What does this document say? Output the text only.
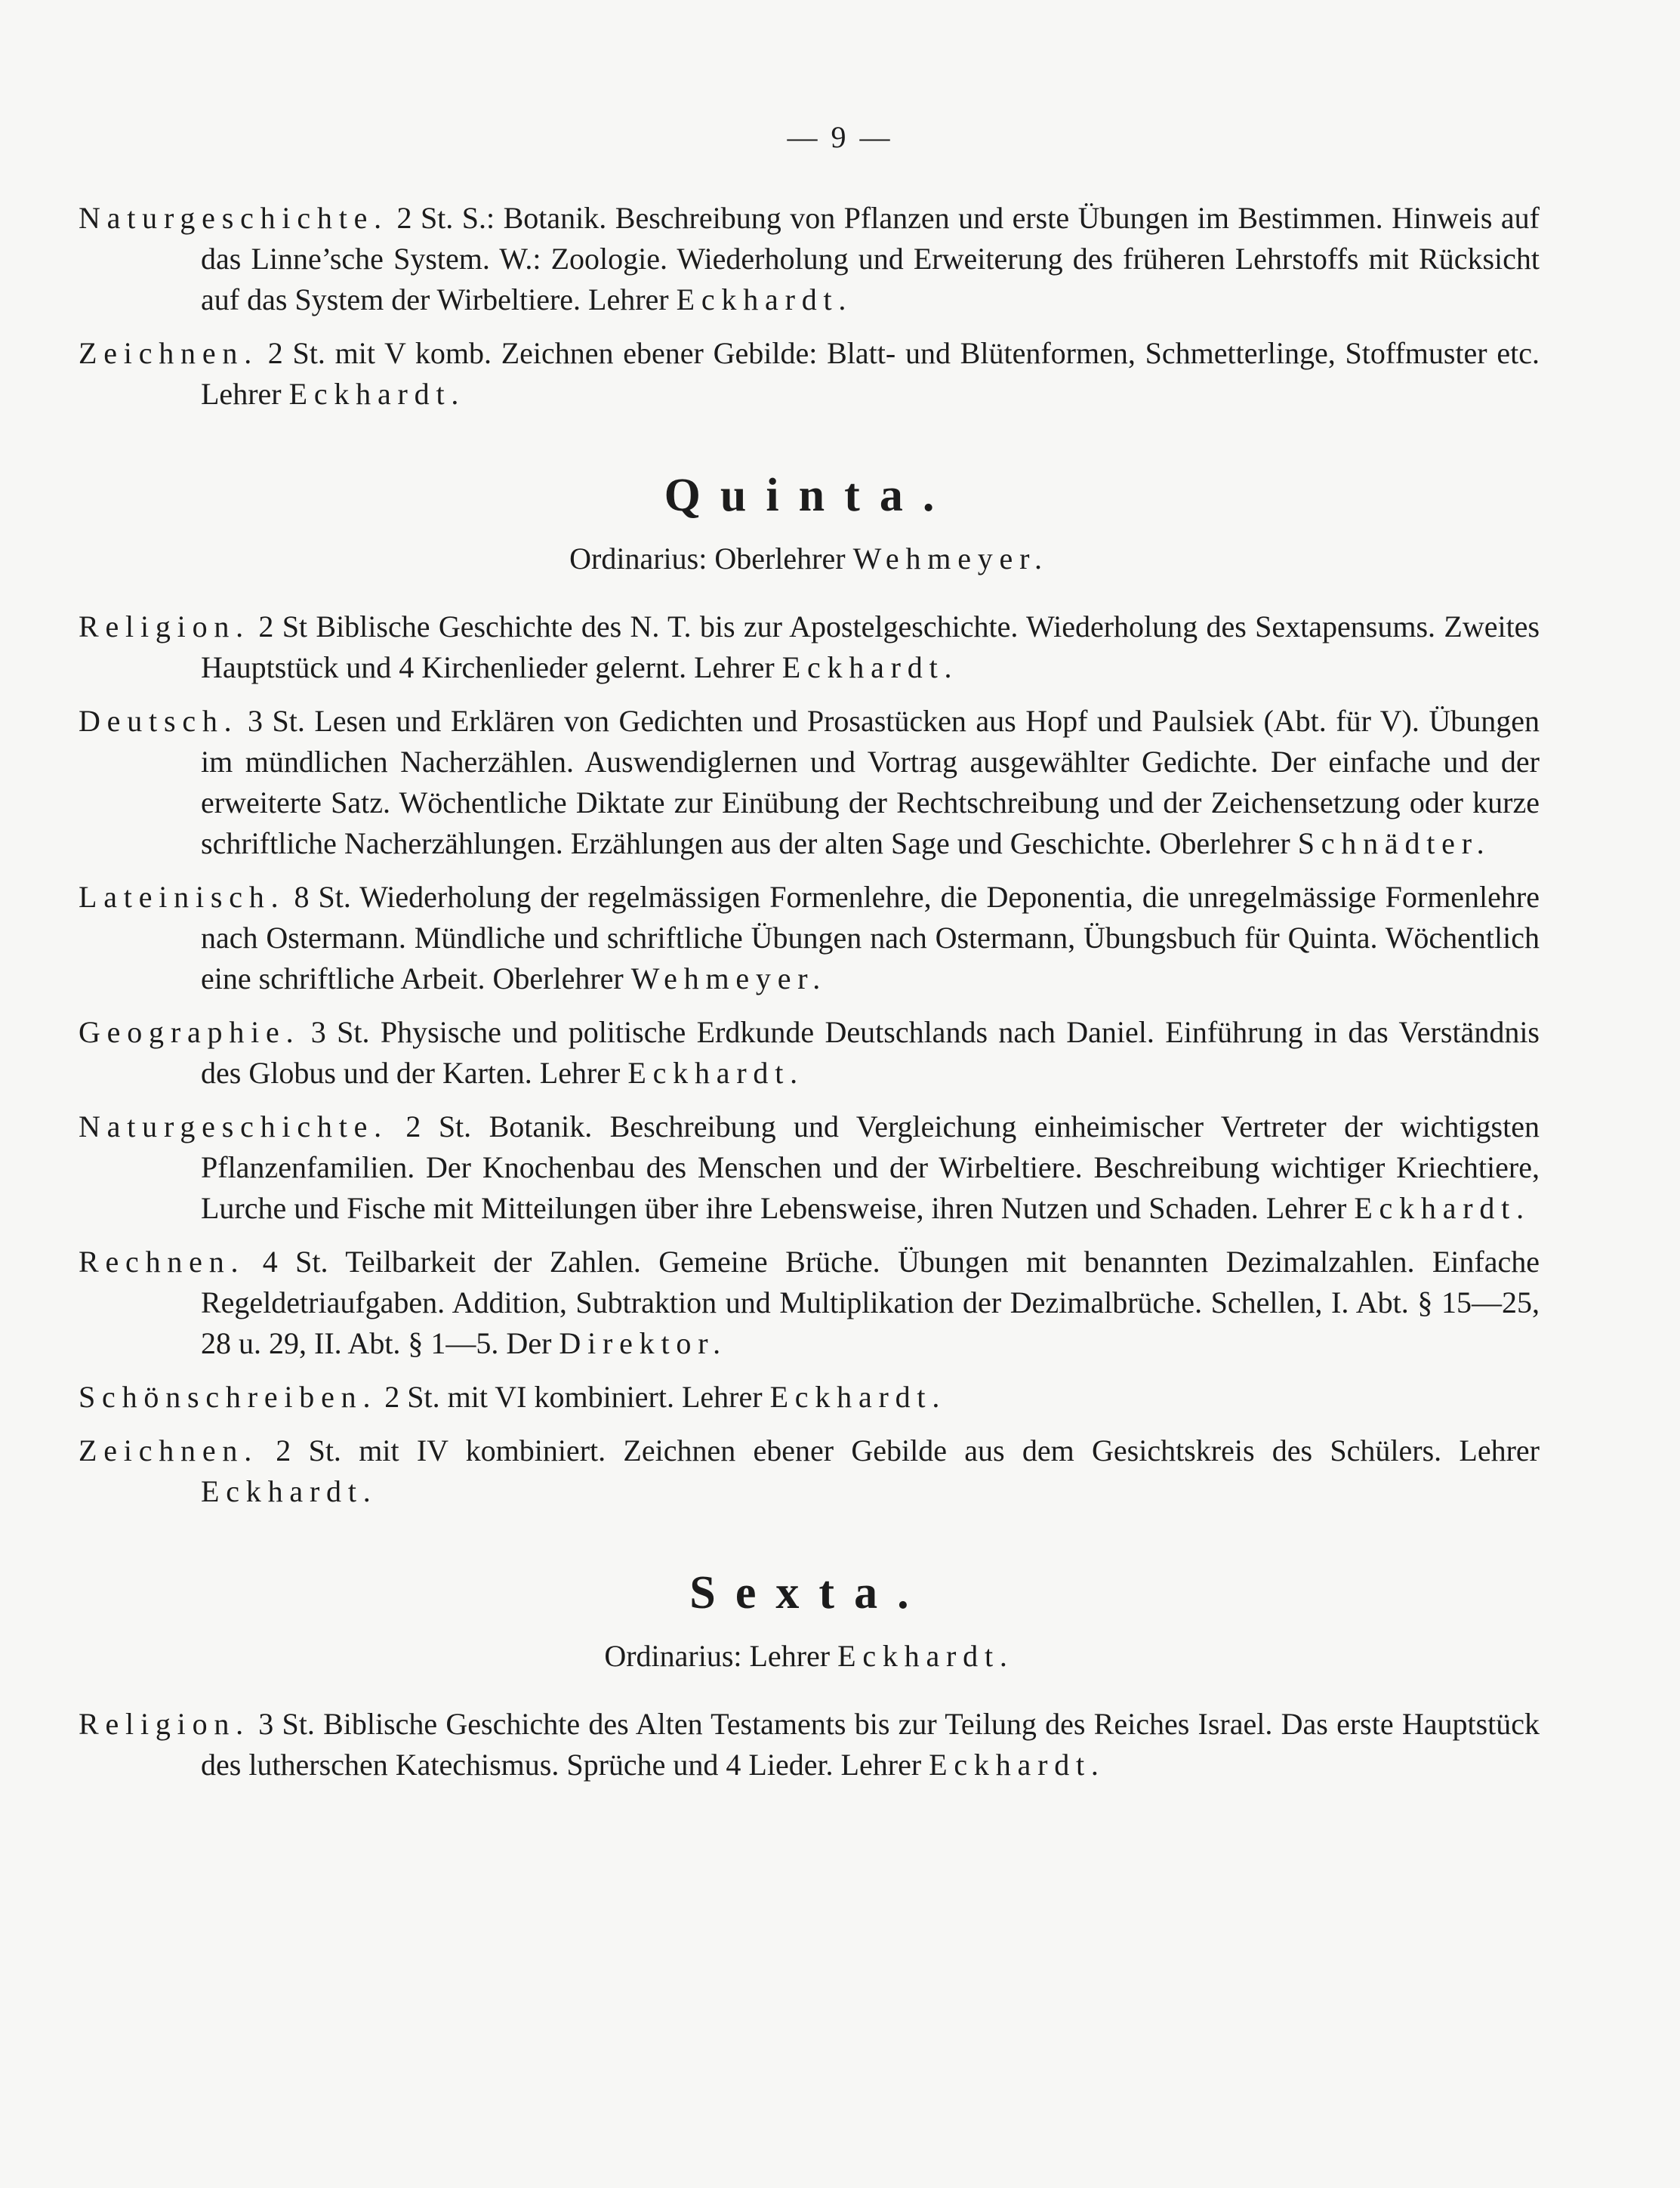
— 9 —

Naturgeschichte. 2 St. S.: Botanik. Beschreibung von Pflanzen und erste Übungen im Bestimmen. Hinweis auf das Linne’sche System. W.: Zoologie. Wiederholung und Erweiterung des früheren Lehrstoffs mit Rücksicht auf das System der Wirbeltiere. Lehrer Eckhardt.

Zeichnen. 2 St. mit V komb. Zeichnen ebener Gebilde: Blatt- und Blütenformen, Schmetterlinge, Stoffmuster etc. Lehrer Eckhardt.

Quinta.
Ordinarius: Oberlehrer Wehmeyer.

Religion. 2 St Biblische Geschichte des N. T. bis zur Apostelgeschichte. Wiederholung des Sextapensums. Zweites Hauptstück und 4 Kirchenlieder gelernt. Lehrer Eckhardt.

Deutsch. 3 St. Lesen und Erklären von Gedichten und Prosastücken aus Hopf und Paulsiek (Abt. für V). Übungen im mündlichen Nacherzählen. Auswendiglernen und Vortrag ausgewählter Gedichte. Der einfache und der erweiterte Satz. Wöchentliche Diktate zur Einübung der Rechtschreibung und der Zeichensetzung oder kurze schriftliche Nacherzählungen. Erzählungen aus der alten Sage und Geschichte. Oberlehrer Schnädter.

Lateinisch. 8 St. Wiederholung der regelmässigen Formenlehre, die Deponentia, die unregelmässige Formenlehre nach Ostermann. Mündliche und schriftliche Übungen nach Ostermann, Übungsbuch für Quinta. Wöchentlich eine schriftliche Arbeit. Oberlehrer Wehmeyer.

Geographie. 3 St. Physische und politische Erdkunde Deutschlands nach Daniel. Einführung in das Verständnis des Globus und der Karten. Lehrer Eckhardt.

Naturgeschichte. 2 St. Botanik. Beschreibung und Vergleichung einheimischer Vertreter der wichtigsten Pflanzenfamilien. Der Knochenbau des Menschen und der Wirbeltiere. Beschreibung wichtiger Kriechtiere, Lurche und Fische mit Mitteilungen über ihre Lebensweise, ihren Nutzen und Schaden. Lehrer Eckhardt.

Rechnen. 4 St. Teilbarkeit der Zahlen. Gemeine Brüche. Übungen mit benannten Dezimalzahlen. Einfache Regeldetriaufgaben. Addition, Subtraktion und Multiplikation der Dezimalbrüche. Schellen, I. Abt. § 15—25, 28 u. 29, II. Abt. § 1—5. Der Direktor.

Schönschreiben. 2 St. mit VI kombiniert. Lehrer Eckhardt.

Zeichnen. 2 St. mit IV kombiniert. Zeichnen ebener Gebilde aus dem Gesichtskreis des Schülers. Lehrer Eckhardt.

Sexta.
Ordinarius: Lehrer Eckhardt.

Religion. 3 St. Biblische Geschichte des Alten Testaments bis zur Teilung des Reiches Israel. Das erste Hauptstück des lutherschen Katechismus. Sprüche und 4 Lieder. Lehrer Eckhardt.
